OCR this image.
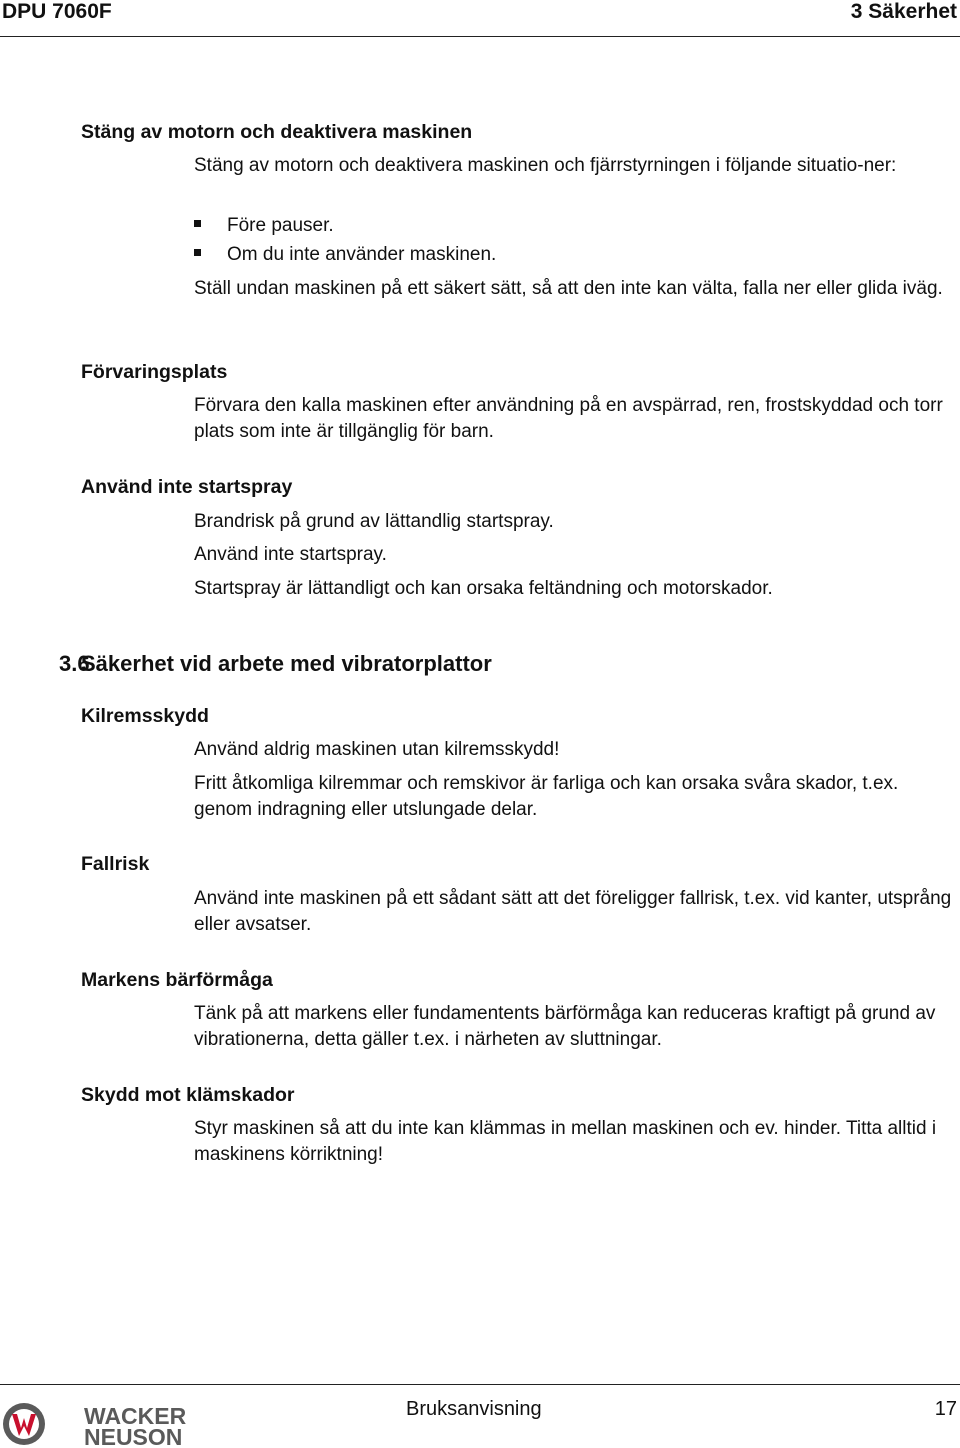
DPU 7060F	3 Säkerhet
Stäng av motorn och deaktivera maskinen
Stäng av motorn och deaktivera maskinen och fjärrstyrningen i följande situatio-ner:
Före pauser.
Om du inte använder maskinen.
Ställ undan maskinen på ett säkert sätt, så att den inte kan välta, falla ner eller glida iväg.
Förvaringsplats
Förvara den kalla maskinen efter användning på en avspärrad, ren, frostskyddad och torr plats som inte är tillgänglig för barn.
Använd inte startspray
Brandrisk på grund av lättandlig startspray.
Använd inte startspray.
Startspray är lättandligt och kan orsaka feltändning och motorskador.
3.6
Säkerhet vid arbete med vibratorplattor
Kilremsskydd
Använd aldrig maskinen utan kilremsskydd!
Fritt åtkomliga kilremmar och remskivor är farliga och kan orsaka svåra skador, t.ex. genom indragning eller utslungade delar.
Fallrisk
Använd inte maskinen på ett sådant sätt att det föreligger fallrisk, t.ex. vid kanter, utsprång eller avsatser.
Markens bärförmåga
Tänk på att markens eller fundamentents bärförmåga kan reduceras kraftigt på grund av vibrationerna, detta gäller t.ex. i närheten av sluttningar.
Skydd mot klämskador
Styr maskinen så att du inte kan klämmas in mellan maskinen och ev. hinder. Titta alltid i maskinens körriktning!
WACKER
NEUSON
Bruksanvisning	17
